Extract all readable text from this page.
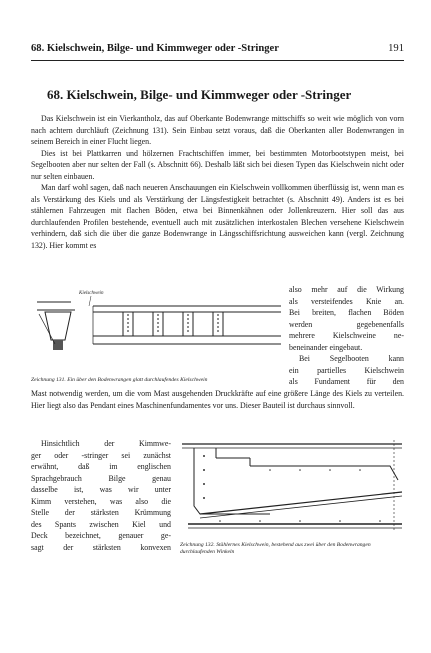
68. Kielschwein, Bilge- und Kimmweger oder -Stringer	191
68. Kielschwein, Bilge- und Kimmweger oder -Stringer

Das Kielschwein ist ein Vierkantholz, das auf Oberkante Bodenwrange mittschiffs so weit wie möglich von vorn nach achtern durchläuft (Zeichnung 131). Sein Einbau setzt voraus, daß die Oberkanten aller Bodenwrangen in seinem Bereich in einer Flucht liegen.

Dies ist bei Plattkarren und hölzernen Frachtschiffen immer, bei bestimmten Motorbootstypen meist, bei Segelbooten aber nur selten der Fall (s. Abschnitt 66). Deshalb läßt sich bei diesen Typen das Kielschwein nicht oder nur selten einbauen.

Man darf wohl sagen, daß nach neueren Anschauungen ein Kielschwein vollkommen überflüssig ist, wenn man es als Verstärkung des Kiels und als Verstärkung der Längsfestigkeit betrachtet (s. Abschnitt 49). Anders ist es bei stählernen Fahrzeugen mit flachen Böden, etwa bei Binnenkähnen oder Jollenkreuzern. Hier soll das aus durchlaufenden Profilen bestehende, eventuell auch mit zusätzlichen interkostalen Blechen versehene Kielschwein verhindern, daß sich die über die ganze Bodenwrange in Längsschiffsrichtung ausweichen kann (vergl. Zeichnung 132). Hier kommt es

Kielschwein	also mehr auf die Wirkung
als versteifendes Knie an.
Bei breiten, flachen Böden
werden gegebenenfalls
mehrere Kielschweine ne-
beneinander eingebaut.
Bei Segelbooten kann
ein partielles Kielschwein
als Fundament für den
Zeichnung 131. Ein über den Bodenwrangen glatt durchlaufendes Kielschwein

Mast notwendig werden, um die vom Mast ausgehenden Druckkräfte auf eine größere Länge des Kiels zu verteilen. Hier liegt also das Pendant eines Maschinenfundamentes vor uns. Dieser Bauteil ist durchaus sinnvoll.

Hinsichtlich der Kimmwe-
ger oder -stringer sei zunächst
erwähnt, daß im englischen
Sprachgebrauch Bilge genau
dasselbe ist, was wir unter
Kimm verstehen, was also die
Stelle der stärksten Krümmung
des Spants zwischen Kiel und
Deck bezeichnet, genauer ge-
sagt der stärksten konvexen Zeichnung 132. Stählernes Kielschwein, bestehend aus zwei über den Bodenwrangen durchlaufenden Winkeln
